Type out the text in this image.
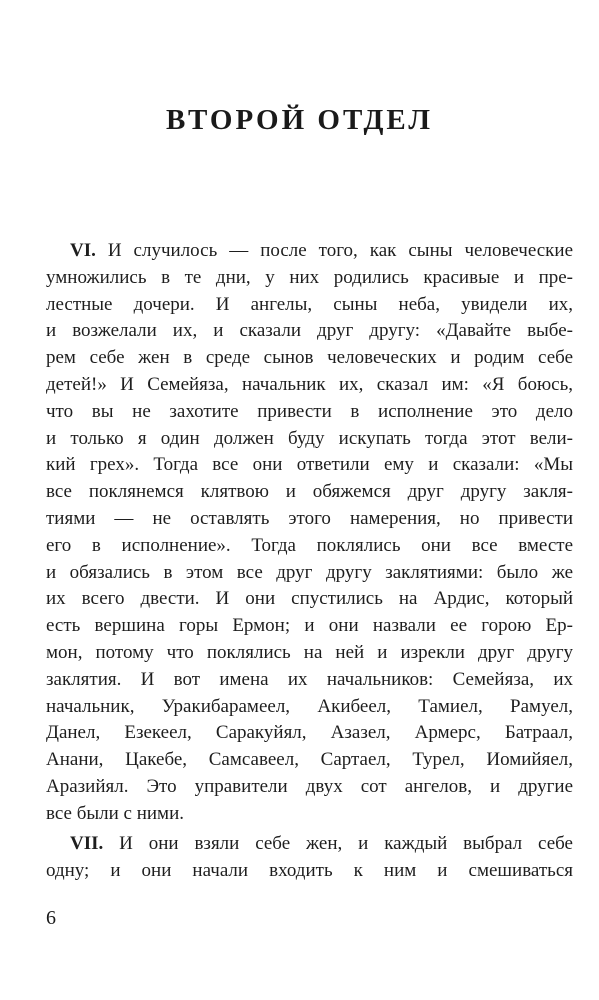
ВТОРОЙ ОТДЕЛ
VI. И случилось — после того, как сыны человеческие
умножились в те дни, у них родились красивые и пре-
лестные дочери. И ангелы, сыны неба, увидели их,
и возжелали их, и сказали друг другу: «Давайте выбе-
рем себе жен в среде сынов человеческих и родим себе
детей!» И Семейяза, начальник их, сказал им: «Я боюсь,
что вы не захотите привести в исполнение это дело
и только я один должен буду искупать тогда этот вели-
кий грех». Тогда все они ответили ему и сказали: «Мы
все поклянемся клятвою и обяжемся друг другу закля-
тиями — не оставлять этого намерения, но привести
его в исполнение». Тогда поклялись они все вместе
и обязались в этом все друг другу заклятиями: было же
их всего двести. И они спустились на Ардис, который
есть вершина горы Ермон; и они назвали ее горою Ер-
мон, потому что поклялись на ней и изрекли друг другу
заклятия. И вот имена их начальников: Семейяза, их
начальник, Уракибарамеел, Акибеел, Тамиел, Рамуел,
Данел, Езекеел, Саракуйял, Азазел, Армерс, Батраал,
Анани, Цакебе, Самсавеел, Сартаел, Турел, Иомийяел,
Аразийял. Это управители двух сот ангелов, и другие
все были с ними.
VII. И они взяли себе жен, и каждый выбрал себе
одну; и они начали входить к ним и смешиваться
6
